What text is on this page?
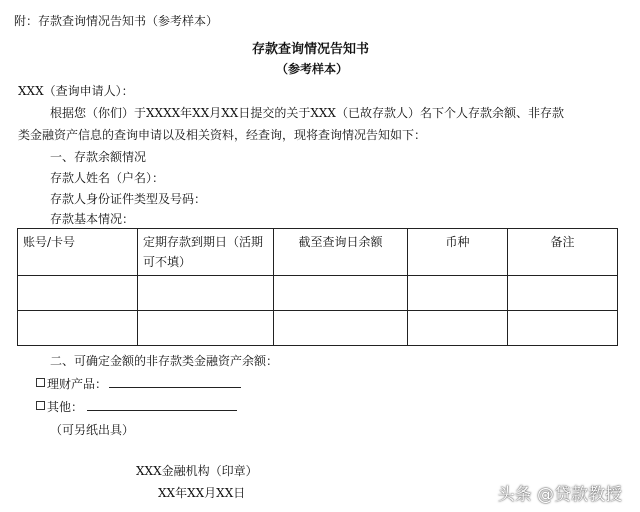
附：存款查询情况告知书（参考样本）
存款查询情况告知书
（参考样本）
XXX（查询申请人）：
根据您（你们）于XXXX年XX月XX日提交的关于XXX（已故存款人）名下个人存款余额、非存款
类金融资产信息的查询申请以及相关资料，经查询，现将查询情况告知如下：
一、存款余额情况
存款人姓名（户名）：
存款人身份证件类型及号码：
存款基本情况：
账号/卡号	定期存款到期日（活期可不填）	截至查询日余额	币种	备注

二、可确定金额的非存款类金融资产余额：
理财产品：
其他：
（可另纸出具）
XXX金融机构（印章）
XX年XX月XX日	头条 @贷款教授
